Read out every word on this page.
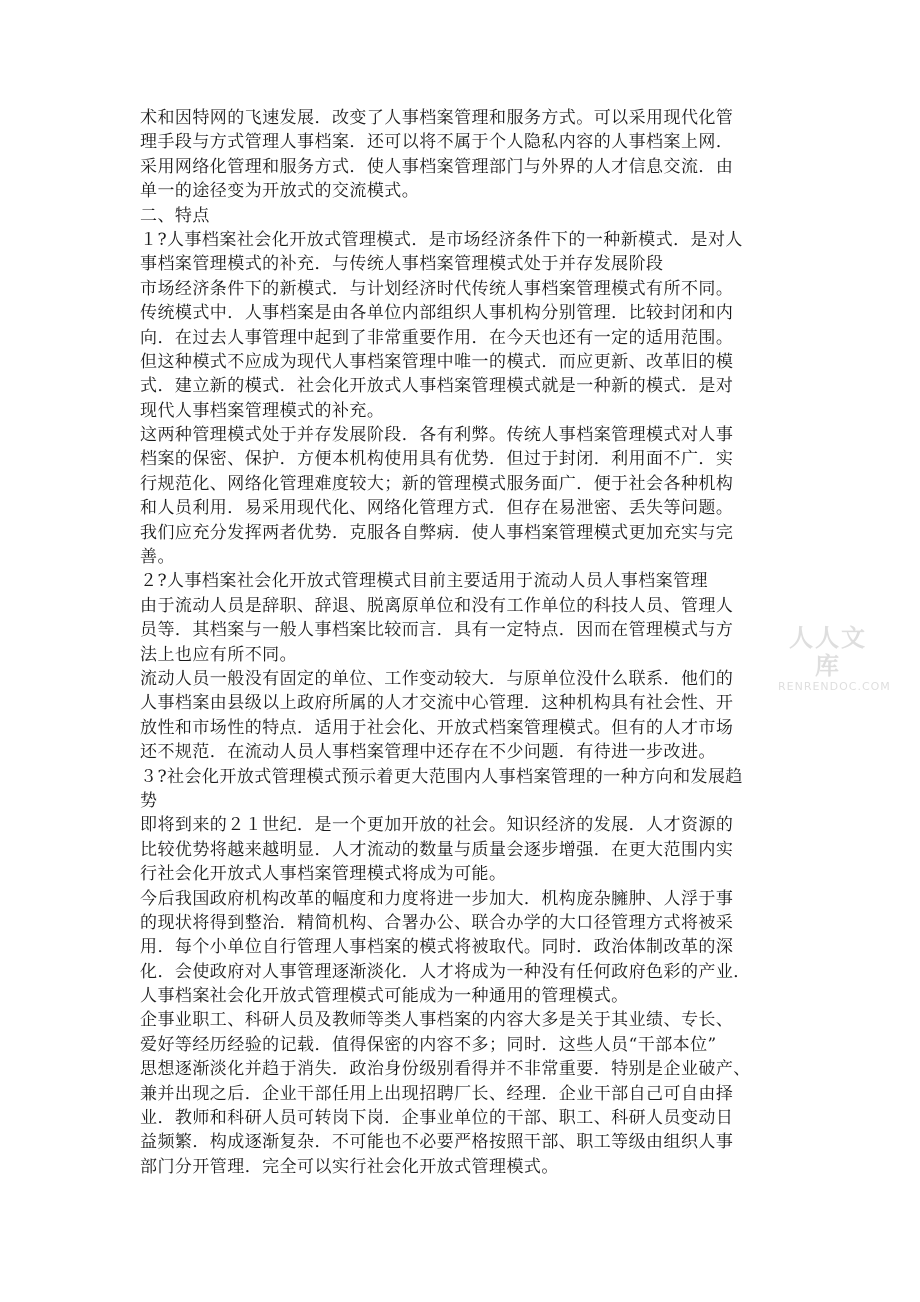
术和因特网的飞速发展．改变了人事档案管理和服务方式。可以采用现代化管
理手段与方式管理人事档案．还可以将不属于个人隐私内容的人事档案上网．
采用网络化管理和服务方式．使人事档案管理部门与外界的人才信息交流．由
单一的途径变为开放式的交流模式。
二、特点
１?人事档案社会化开放式管理模式．是市场经济条件下的一种新模式．是对人
事档案管理模式的补充．与传统人事档案管理模式处于并存发展阶段
市场经济条件下的新模式．与计划经济时代传统人事档案管理模式有所不同。
传统模式中．人事档案是由各单位内部组织人事机构分别管理．比较封闭和内
向．在过去人事管理中起到了非常重要作用．在今天也还有一定的适用范围。
但这种模式不应成为现代人事档案管理中唯一的模式．而应更新、改革旧的模
式．建立新的模式．社会化开放式人事档案管理模式就是一种新的模式．是对
现代人事档案管理模式的补充。
这两种管理模式处于并存发展阶段．各有利弊。传统人事档案管理模式对人事
档案的保密、保护．方便本机构使用具有优势．但过于封闭．利用面不广．实
行规范化、网络化管理难度较大；新的管理模式服务面广．便于社会各种机构
和人员利用．易采用现代化、网络化管理方式．但存在易泄密、丢失等问题。
我们应充分发挥两者优势．克服各自弊病．使人事档案管理模式更加充实与完
善。
２?人事档案社会化开放式管理模式目前主要适用于流动人员人事档案管理
由于流动人员是辞职、辞退、脱离原单位和没有工作单位的科技人员、管理人
员等．其档案与一般人事档案比较而言．具有一定特点．因而在管理模式与方
法上也应有所不同。
流动人员一般没有固定的单位、工作变动较大．与原单位没什么联系．他们的
人事档案由县级以上政府所属的人才交流中心管理．这种机构具有社会性、开
放性和市场性的特点．适用于社会化、开放式档案管理模式。但有的人才市场
还不规范．在流动人员人事档案管理中还存在不少问题．有待进一步改进。
３?社会化开放式管理模式预示着更大范围内人事档案管理的一种方向和发展趋
势
即将到来的２１世纪．是一个更加开放的社会。知识经济的发展．人才资源的
比较优势将越来越明显．人才流动的数量与质量会逐步增强．在更大范围内实
行社会化开放式人事档案管理模式将成为可能。
今后我国政府机构改革的幅度和力度将进一步加大．机构庞杂臃肿、人浮于事
的现状将得到整治．精简机构、合署办公、联合办学的大口径管理方式将被采
用．每个小单位自行管理人事档案的模式将被取代。同时．政治体制改革的深
化．会使政府对人事管理逐渐淡化．人才将成为一种没有任何政府色彩的产业．
人事档案社会化开放式管理模式可能成为一种通用的管理模式。
企事业职工、科研人员及教师等类人事档案的内容大多是关于其业绩、专长、
爱好等经历经验的记载．值得保密的内容不多；同时．这些人员“干部本位”
思想逐渐淡化并趋于消失．政治身份级别看得并不非常重要．特别是企业破产、
兼并出现之后．企业干部任用上出现招聘厂长、经理．企业干部自己可自由择
业．教师和科研人员可转岗下岗．企事业单位的干部、职工、科研人员变动日
益频繁．构成逐渐复杂．不可能也不必要严格按照干部、职工等级由组织人事
部门分开管理．完全可以实行社会化开放式管理模式。
人人文库
RENRENDOC.COM
